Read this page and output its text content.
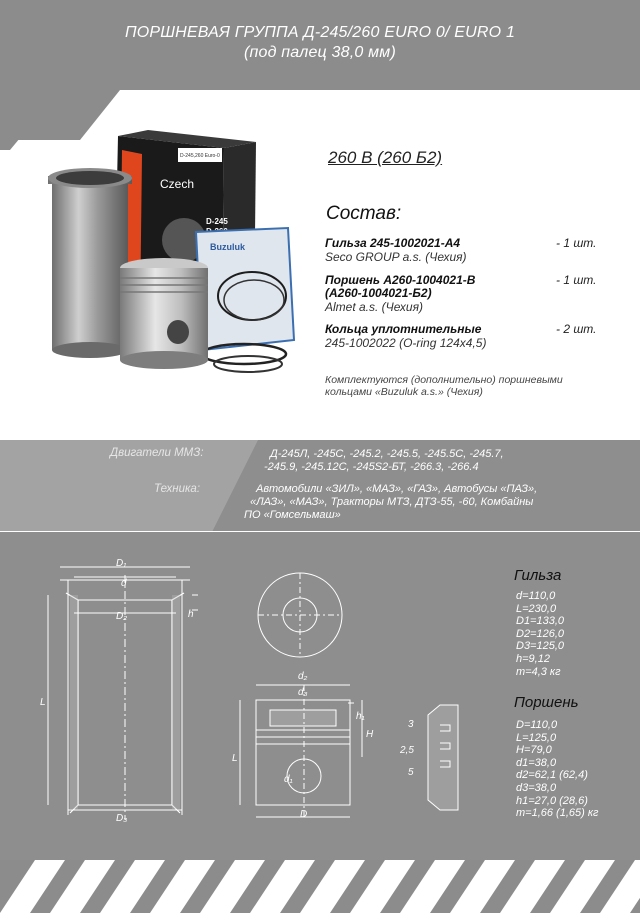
ПОРШНЕВАЯ ГРУППА Д-245/260 EURO 0/ EURO 1
(под палец 38,0 мм)
D-245,260 Euro-0
Czech
D-245
Buzuluk
260 В (260 Б2)
Состав:
Гильза 245-1002021-А4	- 1 шт.
Seco GROUP a.s. (Чехия)
Поршень А260-1004021-В	- 1 шт.
(А260-1004021-Б2)
Almet a.s. (Чехия)
Кольца уплотнительные	- 2 шт.
245-1002022 (O-ring 124х4,5)
Комплектуются (дополнительно) поршневыми кольцами «Buzuluk a.s.» (Чехия)
Двигатели ММЗ:	Д-245Л, -245С, -245.2, -245.5, -245.5С, -245.7,
-245.9, -245.12С, -245S2-БТ, -266.3, -266.4
Техника:	Автомобили «ЗИЛ», «МАЗ», «ГАЗ», Автобусы «ПАЗ»,
«ЛАЗ», «МАЗ», Тракторы МТЗ, ДТЗ-55, -60, Комбайны
ПО «Гомсельмаш»
D₁
d
D₂
D₃
h
L
d₂
d₃
h₁
H
L
d₁
D
3
2,5
5
Гильза
d=110,0
L=230,0
D1=133,0
D2=126,0
D3=125,0
h=9,12
m=4,3 кг
Поршень
D=110,0
L=125,0
H=79,0
d1=38,0
d2=62,1 (62,4)
d3=38,0
h1=27,0 (28,6)
m=1,66 (1,65) кг
